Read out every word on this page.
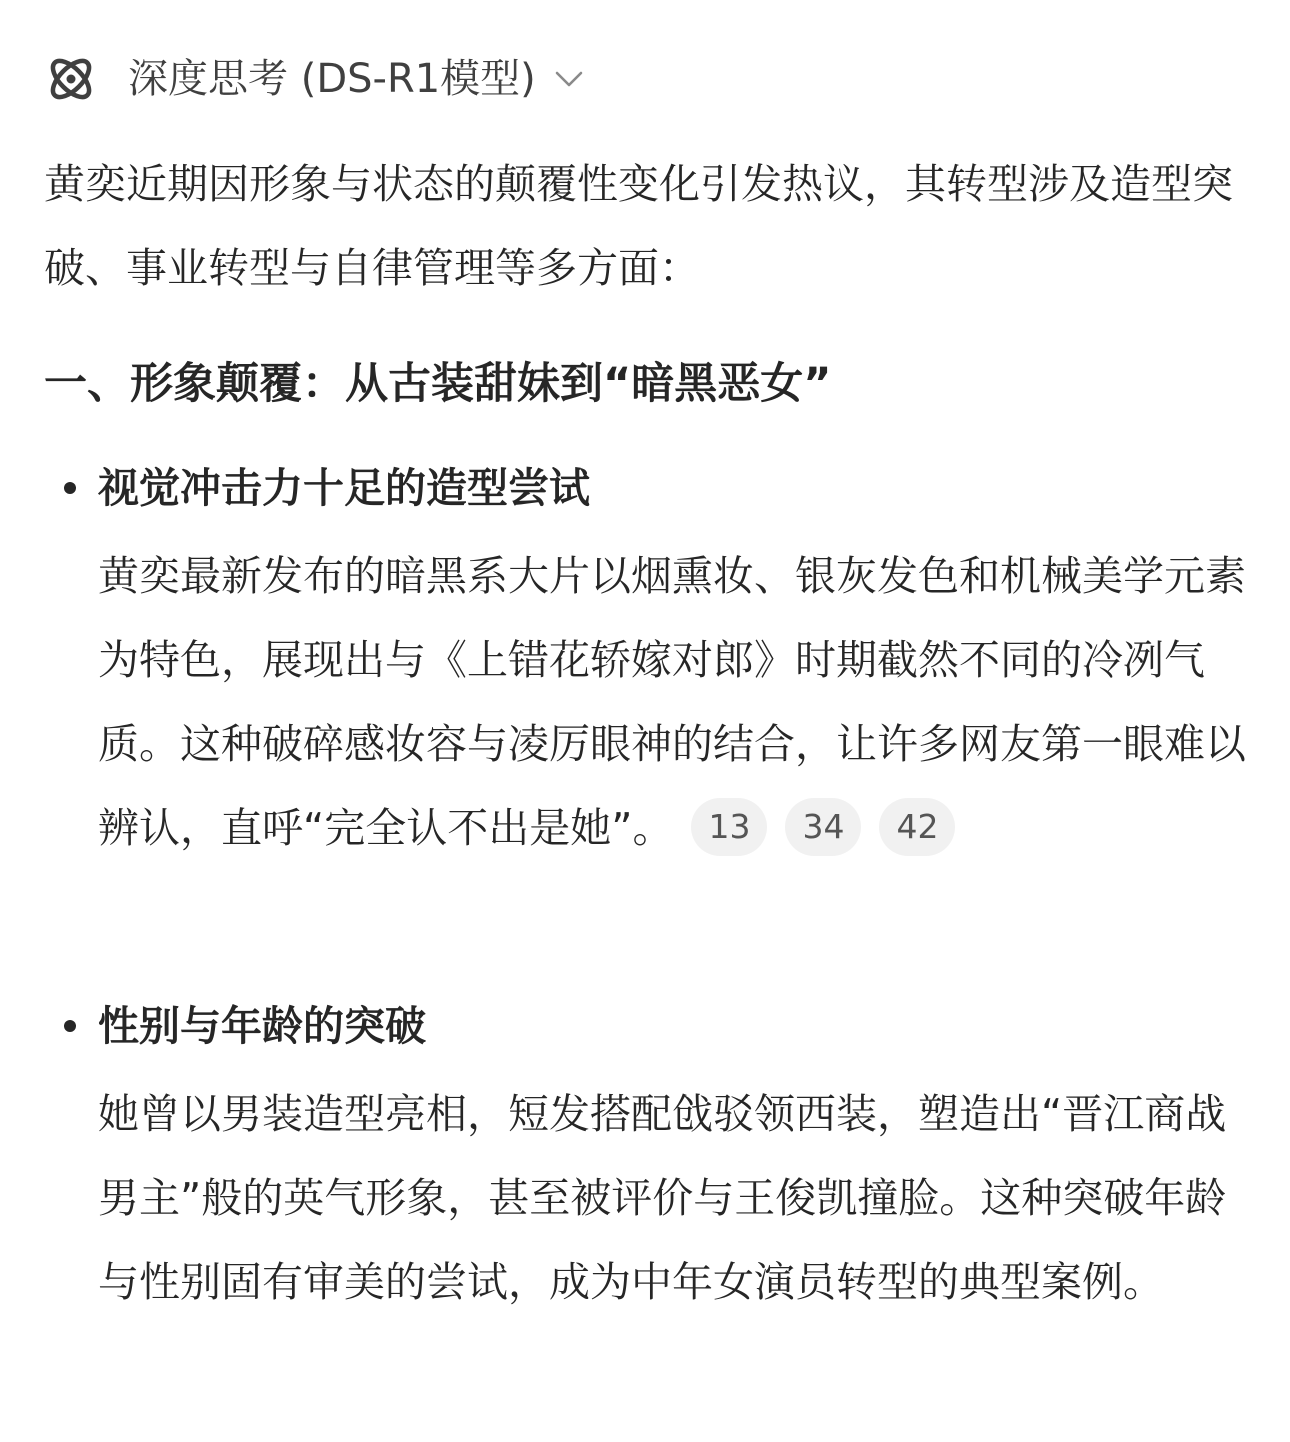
深度思考 (DS-R1模型)
黄奕近期因形象与状态的颠覆性变化引发热议，其转型涉及造型突破、事业转型与自律管理等多方面：
一、形象颠覆：从古装甜妹到“暗黑恶女”
视觉冲击力十足的造型尝试
黄奕最新发布的暗黑系大片以烟熏妆、银灰发色和机械美学元素为特色，展现出与《上错花轿嫁对郎》时期截然不同的冷冽气质。这种破碎感妆容与凌厉眼神的结合，让许多网友第一眼难以辨认，直呼“完全认不出是她”。 13 34 42
性别与年龄的突破
她曾以男装造型亮相，短发搭配戗驳领西装，塑造出“晋江商战男主”般的英气形象，甚至被评价与王俊凯撞脸。这种突破年龄与性别固有审美的尝试，成为中年女演员转型的典型案例。
